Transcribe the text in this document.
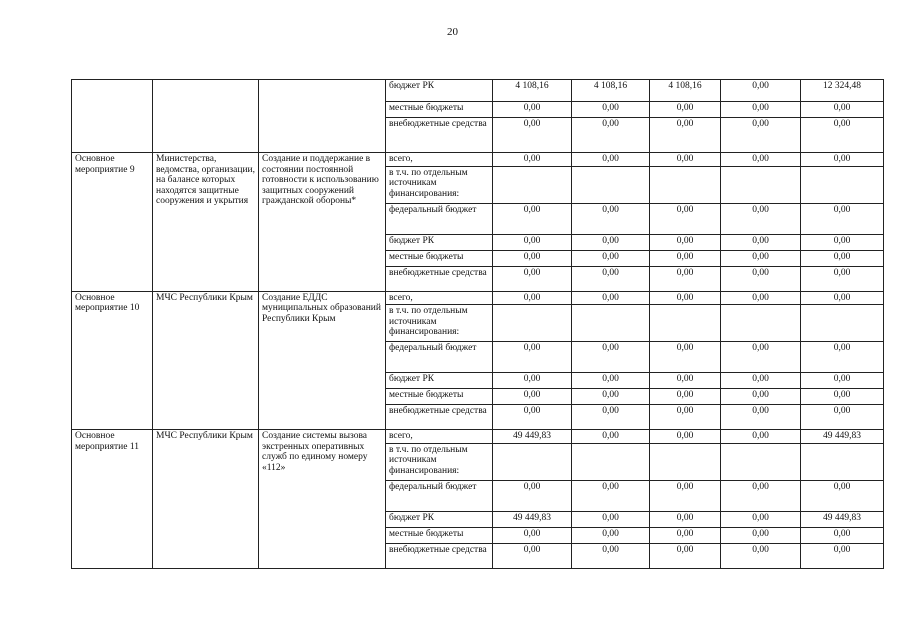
20
			бюджет РК	4 108,16	4 108,16	4 108,16	0,00	12 324,48
			местные бюджеты	0,00	0,00	0,00	0,00	0,00
			внебюджетные средства	0,00	0,00	0,00	0,00	0,00
Основное мероприятие 9	Министерства, ведомства, организации, на балансе которых находятся защитные сооружения и укрытия	Создание и поддержание в состоянии постоянной готовности к использованию защитных сооружений гражданской обороны*	всего,	0,00	0,00	0,00	0,00	0,00
			в т.ч. по отдельным источникам финансирования:					
			федеральный бюджет	0,00	0,00	0,00	0,00	0,00
			бюджет РК	0,00	0,00	0,00	0,00	0,00
			местные бюджеты	0,00	0,00	0,00	0,00	0,00
			внебюджетные средства	0,00	0,00	0,00	0,00	0,00
Основное мероприятие 10	МЧС Республики Крым	Создание ЕДДС муниципальных образований Республики Крым	всего,	0,00	0,00	0,00	0,00	0,00
			в т.ч. по отдельным источникам финансирования:					
			федеральный бюджет	0,00	0,00	0,00	0,00	0,00
			бюджет РК	0,00	0,00	0,00	0,00	0,00
			местные бюджеты	0,00	0,00	0,00	0,00	0,00
			внебюджетные средства	0,00	0,00	0,00	0,00	0,00
Основное мероприятие 11	МЧС Республики Крым	Создание системы вызова экстренных оперативных служб по единому номеру «112»	всего,	49 449,83	0,00	0,00	0,00	49 449,83
			в т.ч. по отдельным источникам финансирования:					
			федеральный бюджет	0,00	0,00	0,00	0,00	0,00
			бюджет РК	49 449,83	0,00	0,00	0,00	49 449,83
			местные бюджеты	0,00	0,00	0,00	0,00	0,00
			внебюджетные средства	0,00	0,00	0,00	0,00	0,00
